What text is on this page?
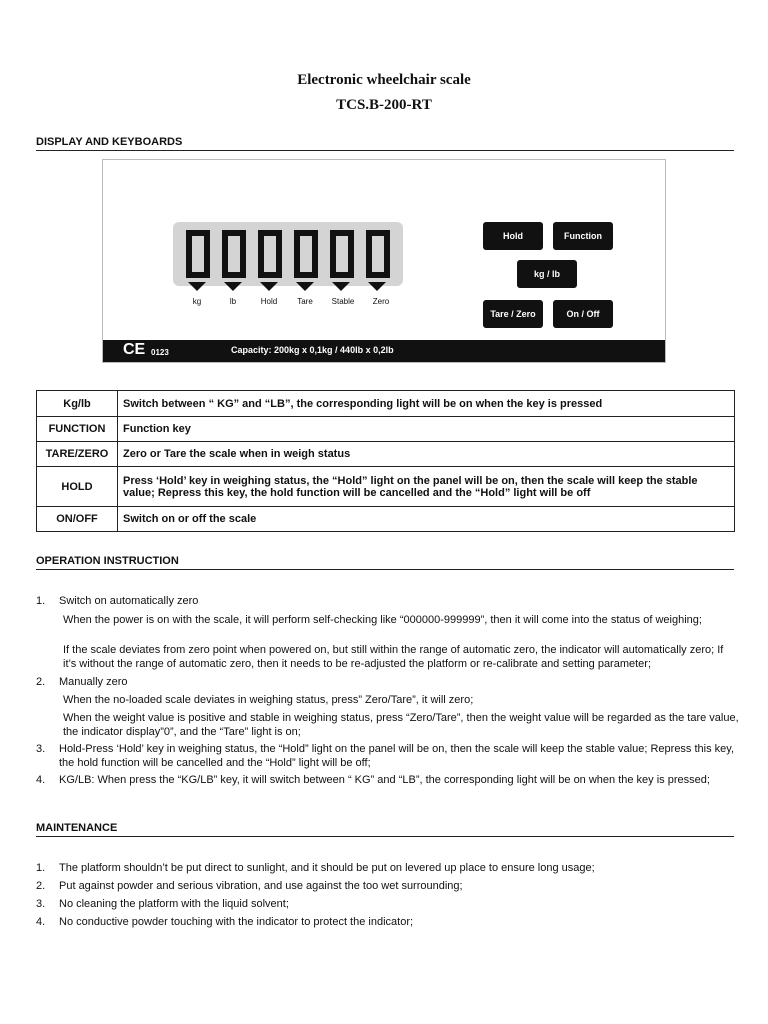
Electronic wheelchair scale
TCS.B-200-RT
DISPLAY AND KEYBOARDS
kg	lb	Hold	Tare	Stable	Zero
Hold	Function
kg / lb
Tare / Zero	On / Off
CE 0123	Capacity: 200kg x 0,1kg / 440lb x 0,2lb
Kg/lb	Switch between “ KG” and “LB”, the corresponding light will be on when the key is pressed
FUNCTION	Function key
TARE/ZERO	Zero or Tare the scale when in weigh status
HOLD	Press ‘Hold’ key in weighing status, the “Hold” light on the panel will be on, then the scale will keep the stable value; Repress this key, the hold function will be cancelled and the “Hold” light will be off
ON/OFF	Switch on or off the scale
OPERATION INSTRUCTION
1. Switch on automatically zero
When the power is on with the scale, it will perform self-checking like “000000-999999”, then it will come into the status of weighing;
If the scale deviates from zero point when powered on, but still within the range of automatic zero, the indicator will automatically zero; If it’s without the range of automatic zero, then it needs to be re-adjusted the platform or re-calibrate and setting parameter;
2. Manually zero
When the no-loaded scale deviates in weighing status, press” Zero/Tare”, it will zero;
When the weight value is positive and stable in weighing status, press “Zero/Tare”, then the weight value will be regarded as the tare value, the indicator display”0”, and the “Tare” light is on;
3. Hold-Press ‘Hold’ key in weighing status, the “Hold” light on the panel will be on, then the scale will keep the stable value; Repress this key, the hold function will be cancelled and the “Hold” light will be off;
4. KG/LB: When press the “KG/LB” key, it will switch between “ KG” and “LB”, the corresponding light will be on when the key is pressed;
MAINTENANCE
1. The platform shouldn’t be put direct to sunlight, and it should be put on levered up place to ensure long usage;
2. Put against powder and serious vibration, and use against the too wet surrounding;
3. No cleaning the platform with the liquid solvent;
4. No conductive powder touching with the indicator to protect the indicator;
